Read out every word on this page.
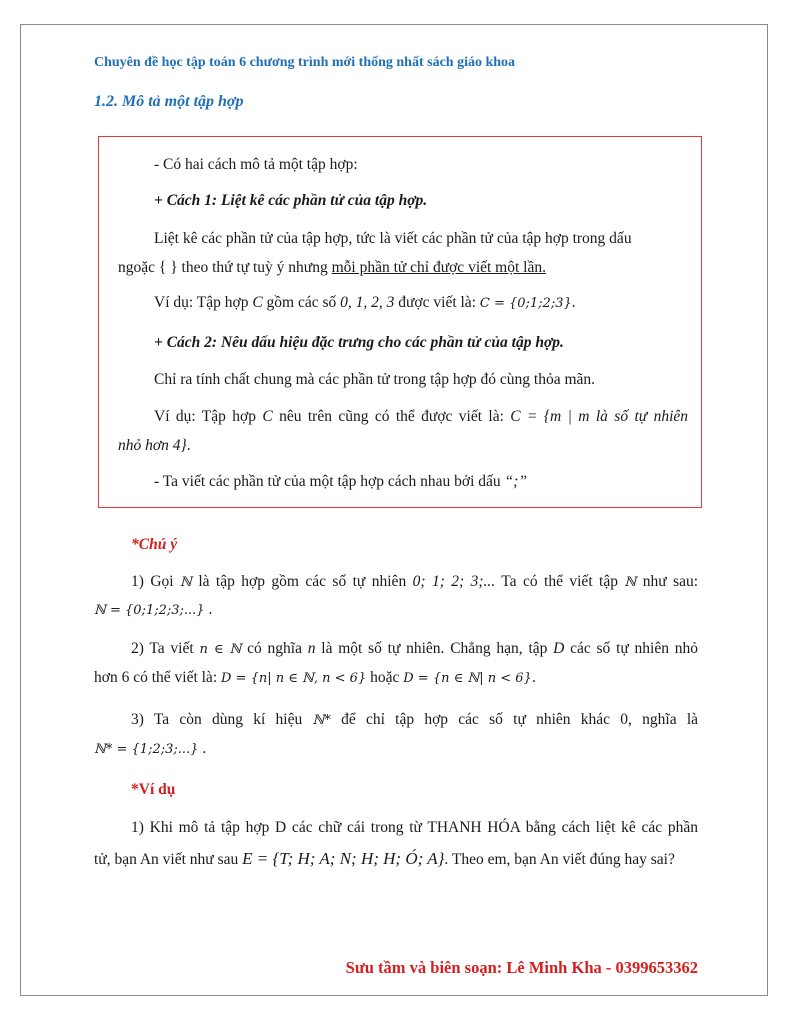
Chuyên đề học tập toán 6 chương trình mới thống nhất sách giáo khoa
1.2. Mô tả một tập hợp
- Có hai cách mô tả một tập hợp:
+ Cách 1: Liệt kê các phần tử của tập hợp.
Liệt kê các phần tử của tập hợp, tức là viết các phần tử của tập hợp trong dấu
ngoặc { } theo thứ tự tuỳ ý nhưng mỗi phần tử chỉ được viết một lần.
Ví dụ: Tập hợp C gồm các số 0, 1, 2, 3 được viết là: C = {0;1;2;3}.
+ Cách 2: Nêu dấu hiệu đặc trưng cho các phần tử của tập hợp.
Chỉ ra tính chất chung mà các phần tử trong tập hợp đó cùng thỏa mãn.
Ví dụ: Tập hợp C nêu trên cũng có thể được viết là: C = {m | m là số tự nhiên
nhỏ hơn 4}.
- Ta viết các phần tử của một tập hợp cách nhau bởi dấu “;”
*Chú ý
1) Gọi ℕ là tập hợp gồm các số tự nhiên 0; 1; 2; 3;... Ta có thể viết tập ℕ như sau:
ℕ = {0;1;2;3;...} .
2) Ta viết n ∈ ℕ có nghĩa n là một số tự nhiên. Chẳng hạn, tập D các số tự nhiên nhỏ
hơn 6 có thể viết là: D = {n| n ∈ ℕ, n < 6} hoặc D = {n ∈ ℕ| n < 6}.
3) Ta còn dùng kí hiệu ℕ* để chỉ tập hợp các số tự nhiên khác 0, nghĩa là
ℕ* = {1;2;3;...} .
*Ví dụ
1) Khi mô tả tập hợp D các chữ cái trong từ THANH HÓA bằng cách liệt kê các phần
tử, bạn An viết như sau E = {T; H; A; N; H; H; Ó; A}. Theo em, bạn An viết đúng hay sai?
Sưu tầm và biên soạn: Lê Minh Kha - 0399653362
